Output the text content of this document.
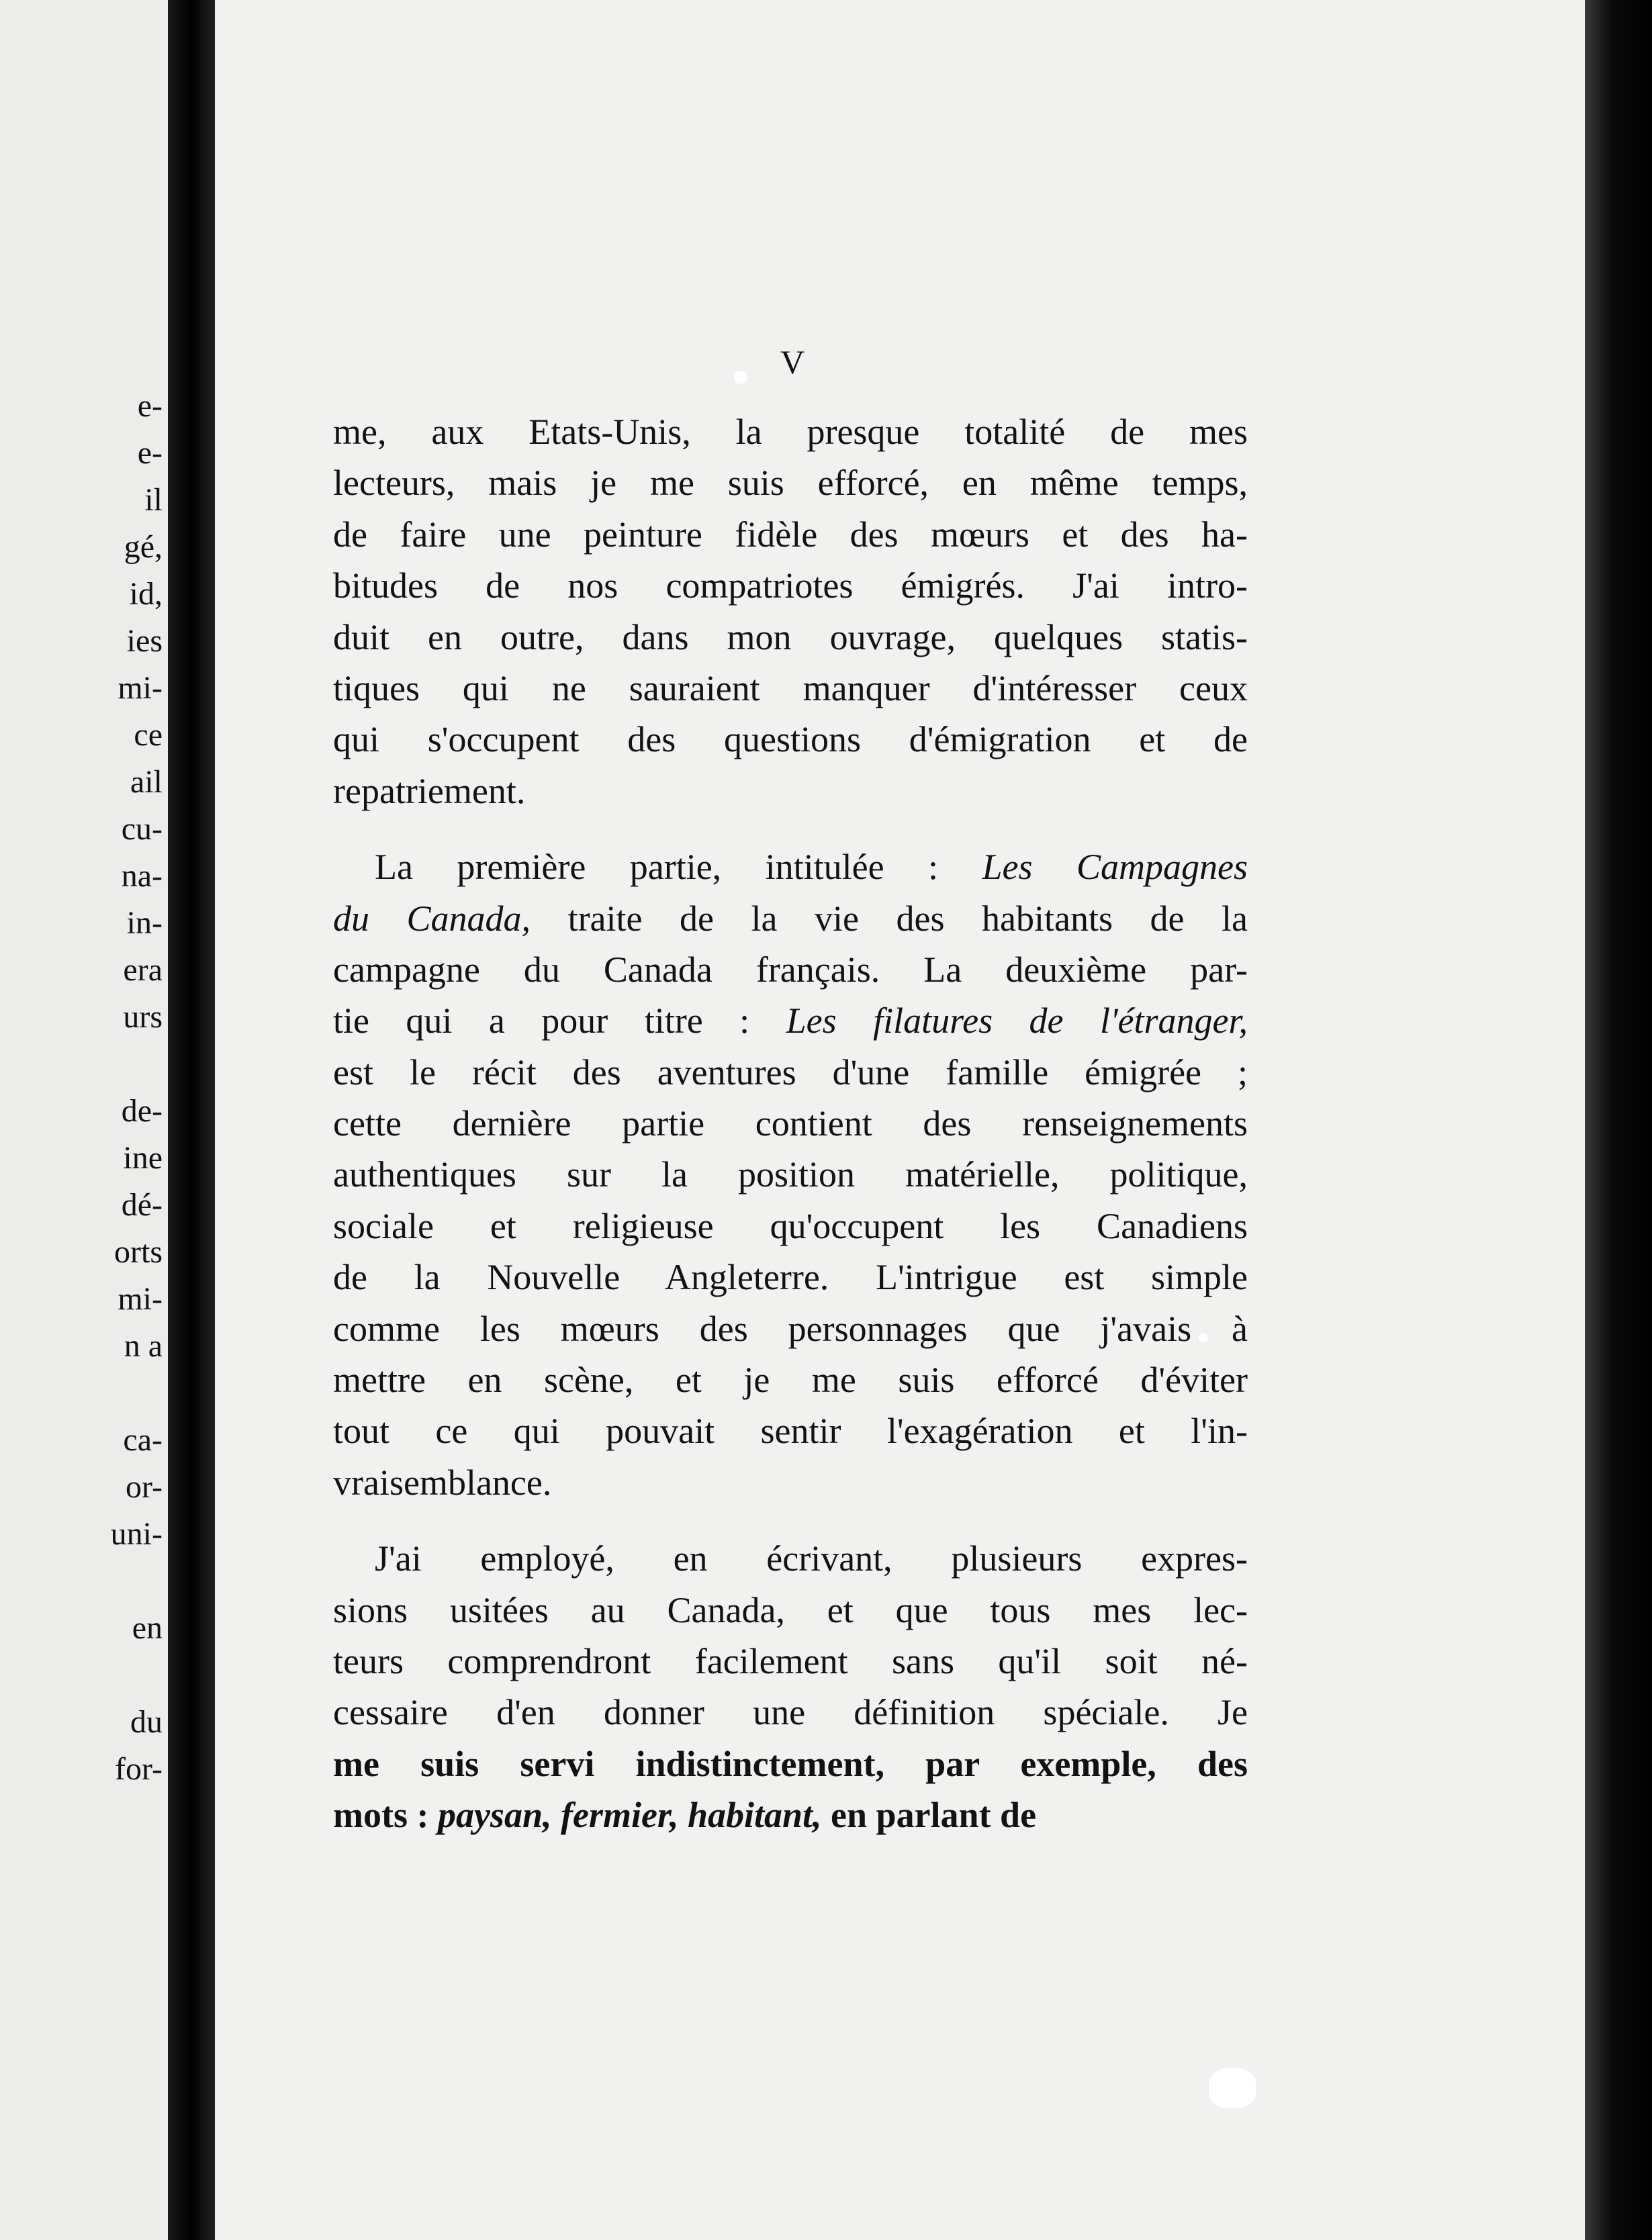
e-
e-
il
gé,
id,
ies
mi-
ce
ail
cu-
na-
in-
era
urs
de-
ine
dé-
orts
mi-
n a
ca-
or-
uni-
en
du
for-
V
me, aux Etats-Unis, la presque totalité de mes
lecteurs, mais je me suis efforcé, en même temps,
de faire une peinture fidèle des mœurs et des ha-
bitudes de nos compatriotes émigrés. J'ai intro-
duit en outre, dans mon ouvrage, quelques statis-
tiques qui ne sauraient manquer d'intéresser ceux
qui s'occupent des questions d'émigration et de
repatriement.
La première partie, intitulée : Les Campagnes
du Canada, traite de la vie des habitants de la
campagne du Canada français. La deuxième par-
tie qui a pour titre : Les filatures de l'étranger,
est le récit des aventures d'une famille émigrée ;
cette dernière partie contient des renseignements
authentiques sur la position matérielle, politique,
sociale et religieuse qu'occupent les Canadiens
de la Nouvelle Angleterre. L'intrigue est simple
comme les mœurs des personnages que j'avais à
mettre en scène, et je me suis efforcé d'éviter
tout ce qui pouvait sentir l'exagération et l'in-
vraisemblance.
J'ai employé, en écrivant, plusieurs expres-
sions usitées au Canada, et que tous mes lec-
teurs comprendront facilement sans qu'il soit né-
cessaire d'en donner une définition spéciale. Je
me suis servi indistinctement, par exemple, des
mots : paysan, fermier, habitant, en parlant de
